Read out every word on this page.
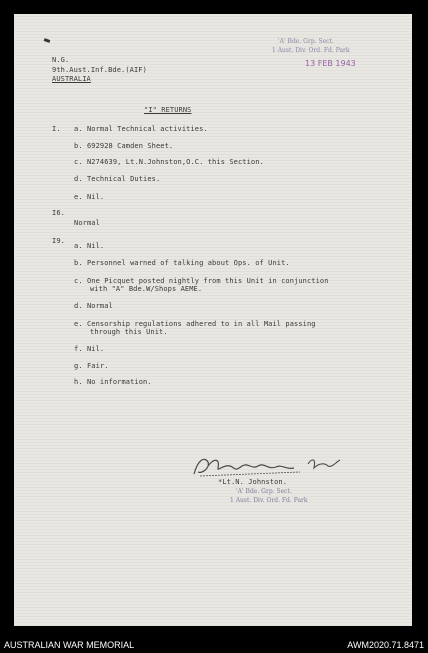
N.G.
9th.Aust.Inf.Bde.(AIF)
AUSTRALIA
'A' Bde. Grp. Sect.
1 Aust. Div. Ord. Fd. Park
13 FEB 1943
"I" RETURNS
I. a. Normal Technical activities.
b. 692928 Camden Sheet.
c. N274639, Lt.N.Johnston,O.C. this Section.
d. Technical Duties.
e. Nil.
I6.
Normal
I9.
a. Nil.
b. Personnel warned of talking about Ops. of Unit.
c. One Picquet posted nightly from this Unit in conjunction
with "A" Bde.W/Shops AEME.
d. Normal
e. Censorship regulations adhered to in all Mail passing
through this Unit.
f. Nil.
g. Fair.
h. No information.
*Lt.N. Johnston.
'A' Bde. Grp. Sect.
1 Aust. Div. Ord. Fd. Park
AUSTRALIAN WAR MEMORIAL	AWM2020.71.8471
